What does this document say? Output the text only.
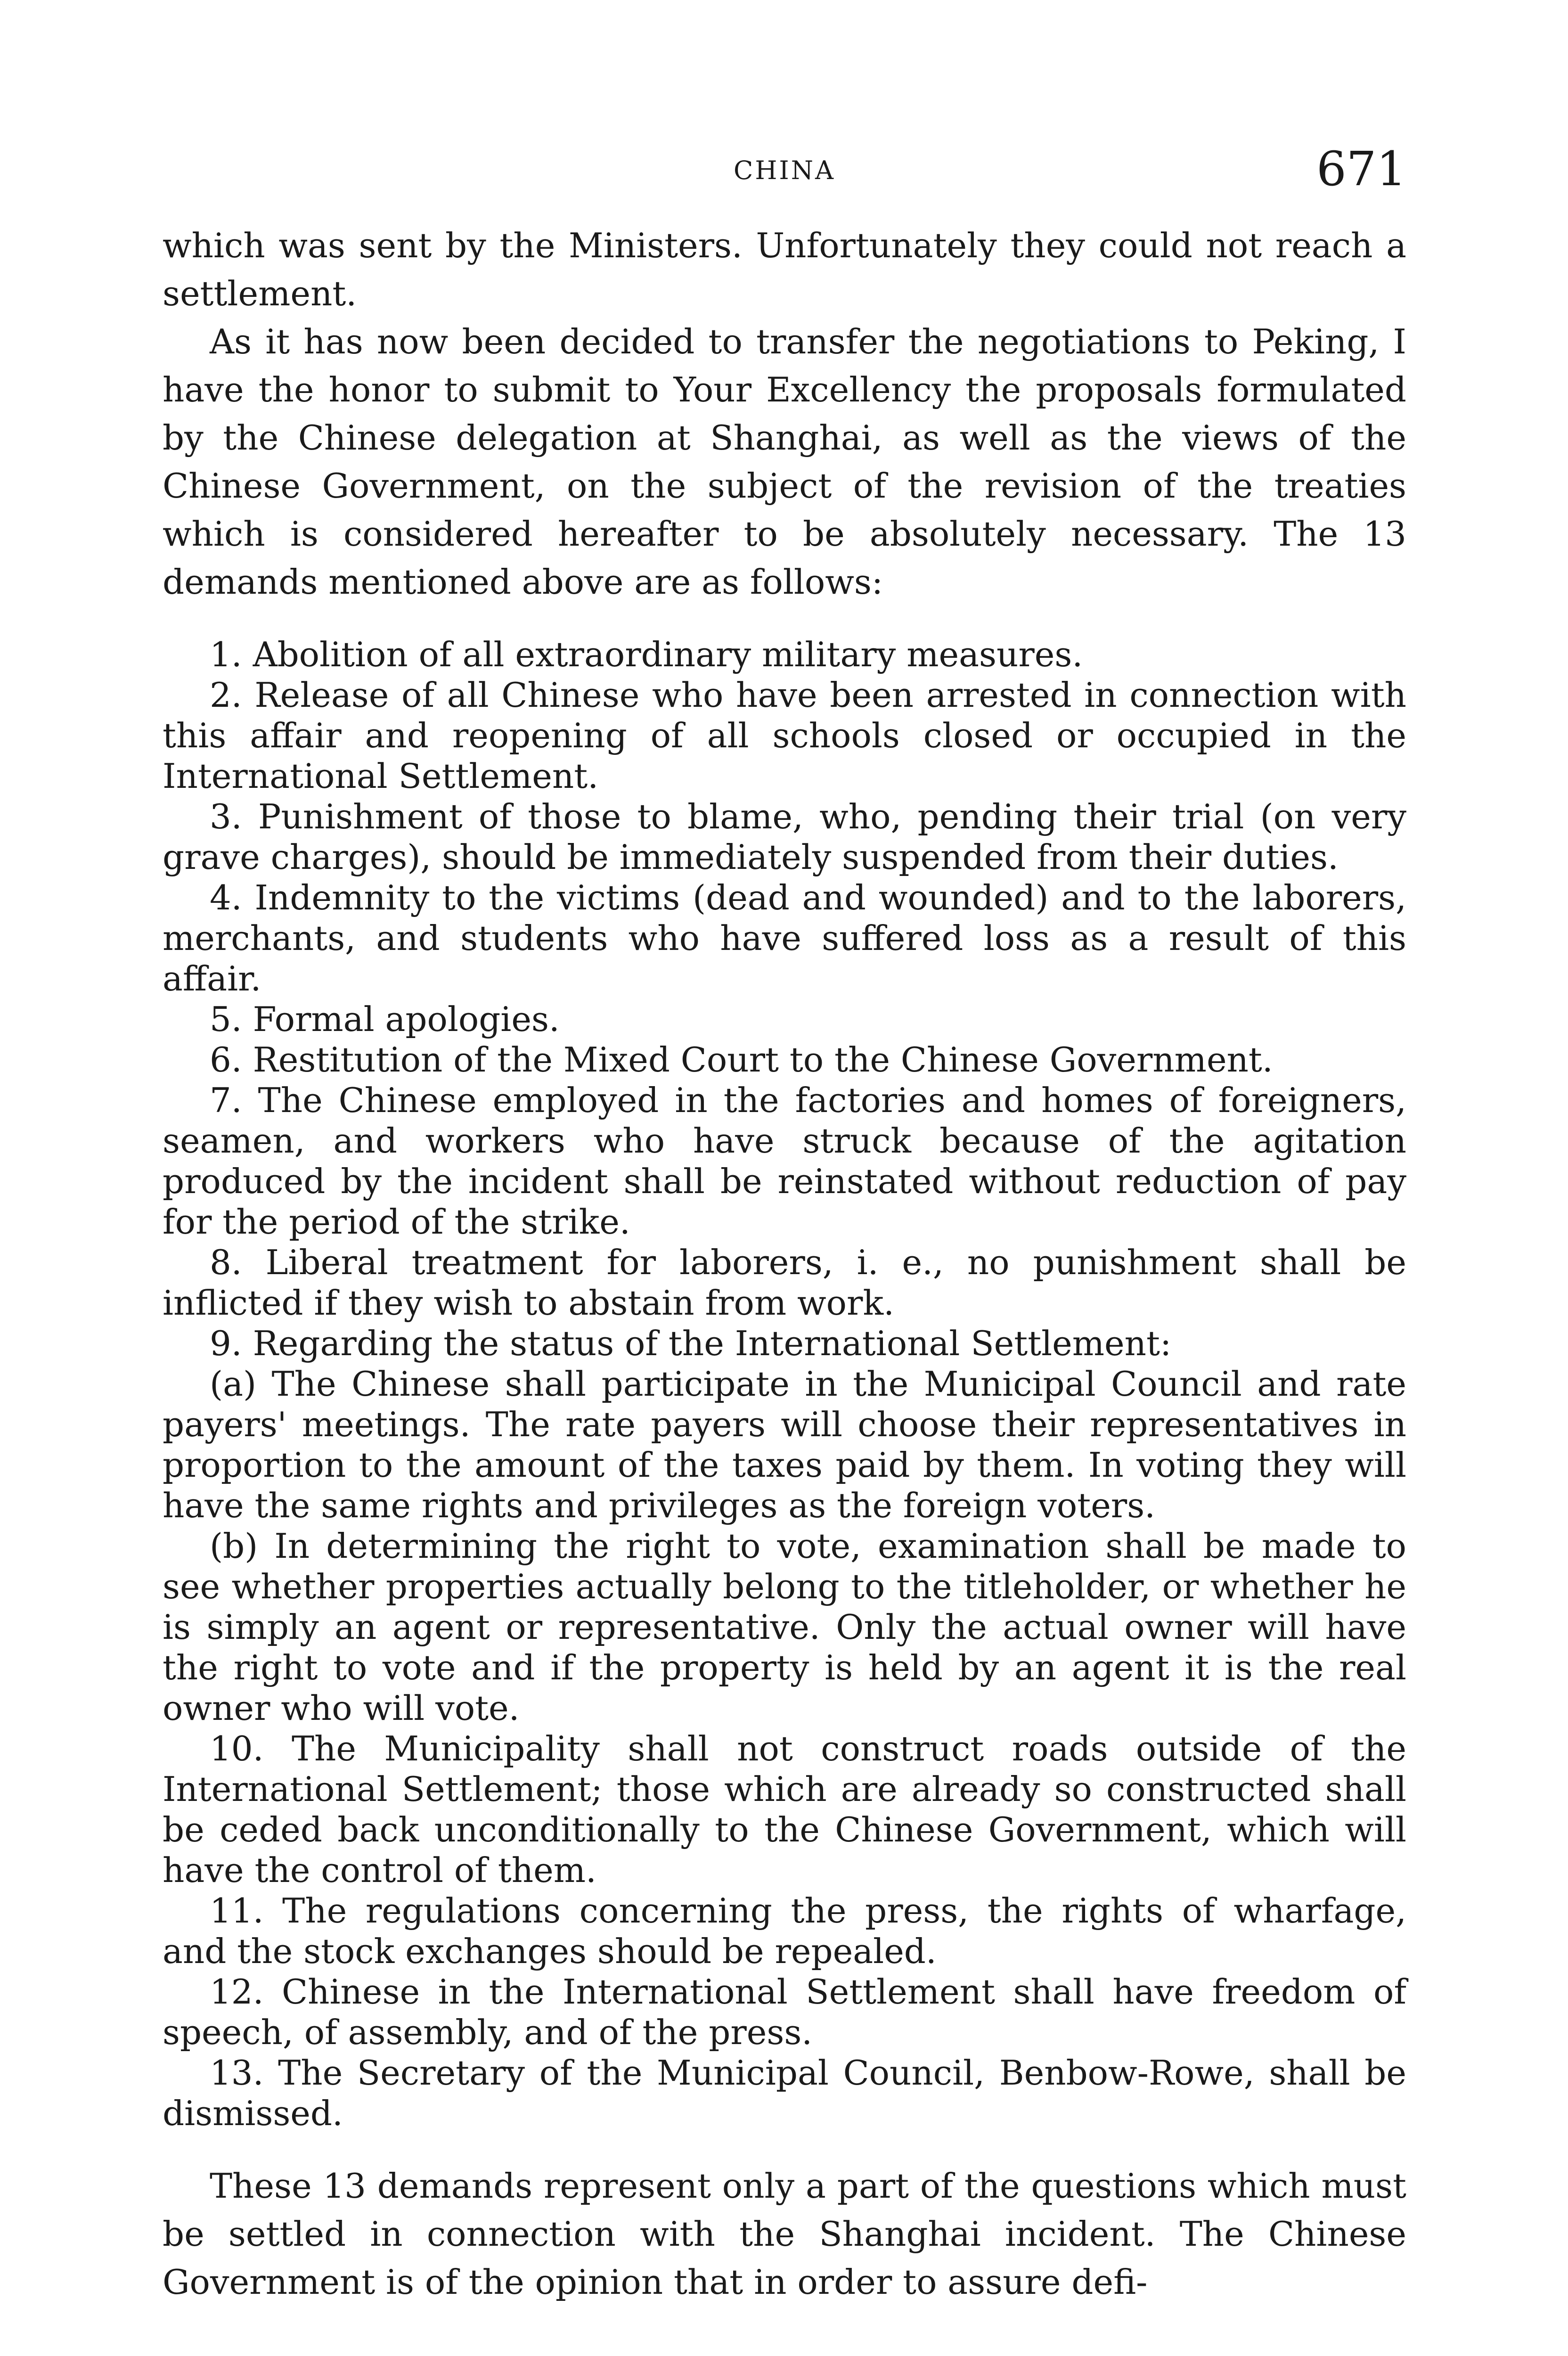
CHINA	671

which was sent by the Ministers. Unfortunately they could not reach a settlement.

As it has now been decided to transfer the negotiations to Peking, I have the honor to submit to Your Excellency the proposals formulated by the Chinese delegation at Shanghai, as well as the views of the Chinese Government, on the subject of the revision of the treaties which is considered hereafter to be absolutely necessary. The 13 demands mentioned above are as follows:

1. Abolition of all extraordinary military measures.

2. Release of all Chinese who have been arrested in connection with this affair and reopening of all schools closed or occupied in the International Settlement.

3. Punishment of those to blame, who, pending their trial (on very grave charges), should be immediately suspended from their duties.

4. Indemnity to the victims (dead and wounded) and to the laborers, merchants, and students who have suffered loss as a result of this affair.

5. Formal apologies.

6. Restitution of the Mixed Court to the Chinese Government.

7. The Chinese employed in the factories and homes of foreigners, seamen, and workers who have struck because of the agitation produced by the incident shall be reinstated without reduction of pay for the period of the strike.

8. Liberal treatment for laborers, i. e., no punishment shall be inflicted if they wish to abstain from work.

9. Regarding the status of the International Settlement:

(a) The Chinese shall participate in the Municipal Council and rate payers' meetings. The rate payers will choose their representatives in proportion to the amount of the taxes paid by them. In voting they will have the same rights and privileges as the foreign voters.

(b) In determining the right to vote, examination shall be made to see whether properties actually belong to the titleholder, or whether he is simply an agent or representative. Only the actual owner will have the right to vote and if the property is held by an agent it is the real owner who will vote.

10. The Municipality shall not construct roads outside of the International Settlement; those which are already so constructed shall be ceded back unconditionally to the Chinese Government, which will have the control of them.

11. The regulations concerning the press, the rights of wharfage, and the stock exchanges should be repealed.

12. Chinese in the International Settlement shall have freedom of speech, of assembly, and of the press.

13. The Secretary of the Municipal Council, Benbow-Rowe, shall be dismissed.

These 13 demands represent only a part of the questions which must be settled in connection with the Shanghai incident. The Chinese Government is of the opinion that in order to assure defi-
